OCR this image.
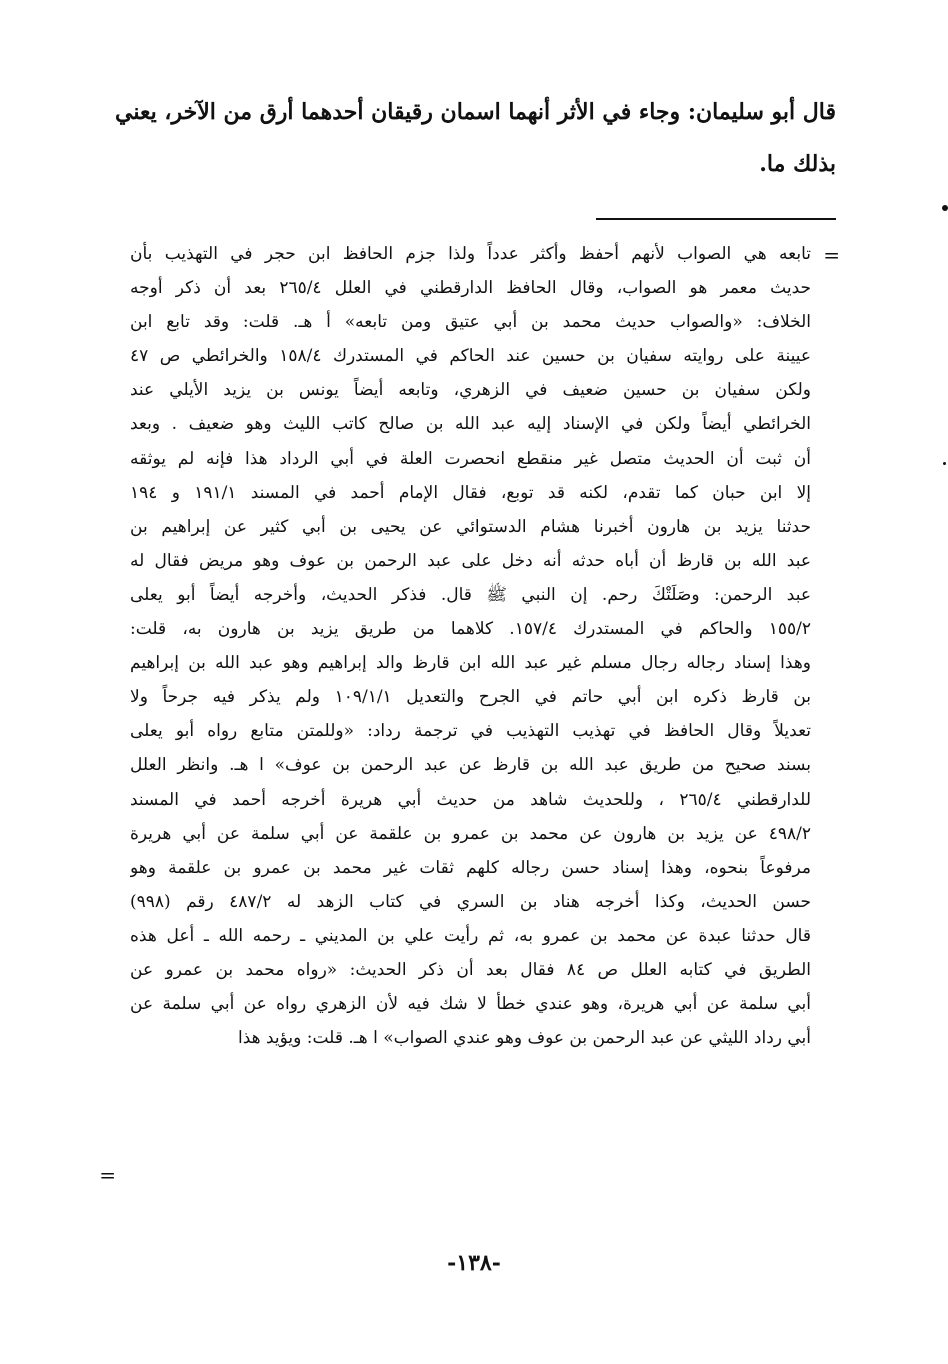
قال أبو سليمان: وجاء في الأثر أنهما اسمان رقيقان أحدهما أرق من الآخر، يعني
بذلك ما.
=
تابعه هي الصواب لأنهم أحفظ وأكثر عدداً ولذا جزم الحافظ ابن حجر في التهذيب بأن
حديث معمر هو الصواب، وقال الحافظ الدارقطني في العلل ٢٦٥/٤ بعد أن ذكر أوجه
الخلاف: «والصواب حديث محمد بن أبي عتيق ومن تابعه» أ هـ. قلت: وقد تابع ابن
عيينة على روايته سفيان بن حسين عند الحاكم في المستدرك ١٥٨/٤ والخرائطي ص ٤٧
ولكن سفيان بن حسين ضعيف في الزهري، وتابعه أيضاً يونس بن يزيد الأيلي عند
الخرائطي أيضاً ولكن في الإسناد إليه عبد الله بن صالح كاتب الليث وهو ضعيف . وبعد
أن ثبت أن الحديث متصل غير منقطع انحصرت العلة في أبي الرداد هذا فإنه لم يوثقه
إلا ابن حبان كما تقدم، لكنه قد توبع، فقال الإمام أحمد في المسند ١٩١/١ و ١٩٤
حدثنا يزيد بن هارون أخبرنا هشام الدستوائي عن يحيى بن أبي كثير عن إبراهيم بن
عبد الله بن قارظ أن أباه حدثه أنه دخل على عبد الرحمن بن عوف وهو مريض فقال له
عبد الرحمن: وصَلَتْكَ رحم. إن النبي ﷺ قال. فذكر الحديث، وأخرجه أيضاً أبو يعلى
١٥٥/٢ والحاكم في المستدرك ١٥٧/٤. كلاهما من طريق يزيد بن هارون به، قلت:
وهذا إسناد رجاله رجال مسلم غير عبد الله ابن قارظ والد إبراهيم وهو عبد الله بن إبراهيم
بن قارظ ذكره ابن أبي حاتم في الجرح والتعديل ١٠٩/١/١ ولم يذكر فيه جرحاً ولا
تعديلاً وقال الحافظ في تهذيب التهذيب في ترجمة رداد: «وللمتن متابع رواه أبو يعلى
بسند صحيح من طريق عبد الله بن قارظ عن عبد الرحمن بن عوف» ا هـ. وانظر العلل
للدارقطني ٢٦٥/٤ ، وللحديث شاهد من حديث أبي هريرة أخرجه أحمد في المسند
٤٩٨/٢ عن يزيد بن هارون عن محمد بن عمرو بن علقمة عن أبي سلمة عن أبي هريرة
مرفوعاً بنحوه، وهذا إسناد حسن رجاله كلهم ثقات غير محمد بن عمرو بن علقمة وهو
حسن الحديث، وكذا أخرجه هناد بن السري في كتاب الزهد له ٤٨٧/٢ رقم (٩٩٨)
قال حدثنا عبدة عن محمد بن عمرو به، ثم رأيت علي بن المديني ـ رحمه الله ـ أعل هذه
الطريق في كتابه العلل ص ٨٤ فقال بعد أن ذكر الحديث: «رواه محمد بن عمرو عن
أبي سلمة عن أبي هريرة، وهو عندي خطأ لا شك فيه لأن الزهري رواه عن أبي سلمة عن
أبي رداد الليثي عن عبد الرحمن بن عوف وهو عندي الصواب» ا هـ. قلت: ويؤيد هذا
=
-١٣٨-
